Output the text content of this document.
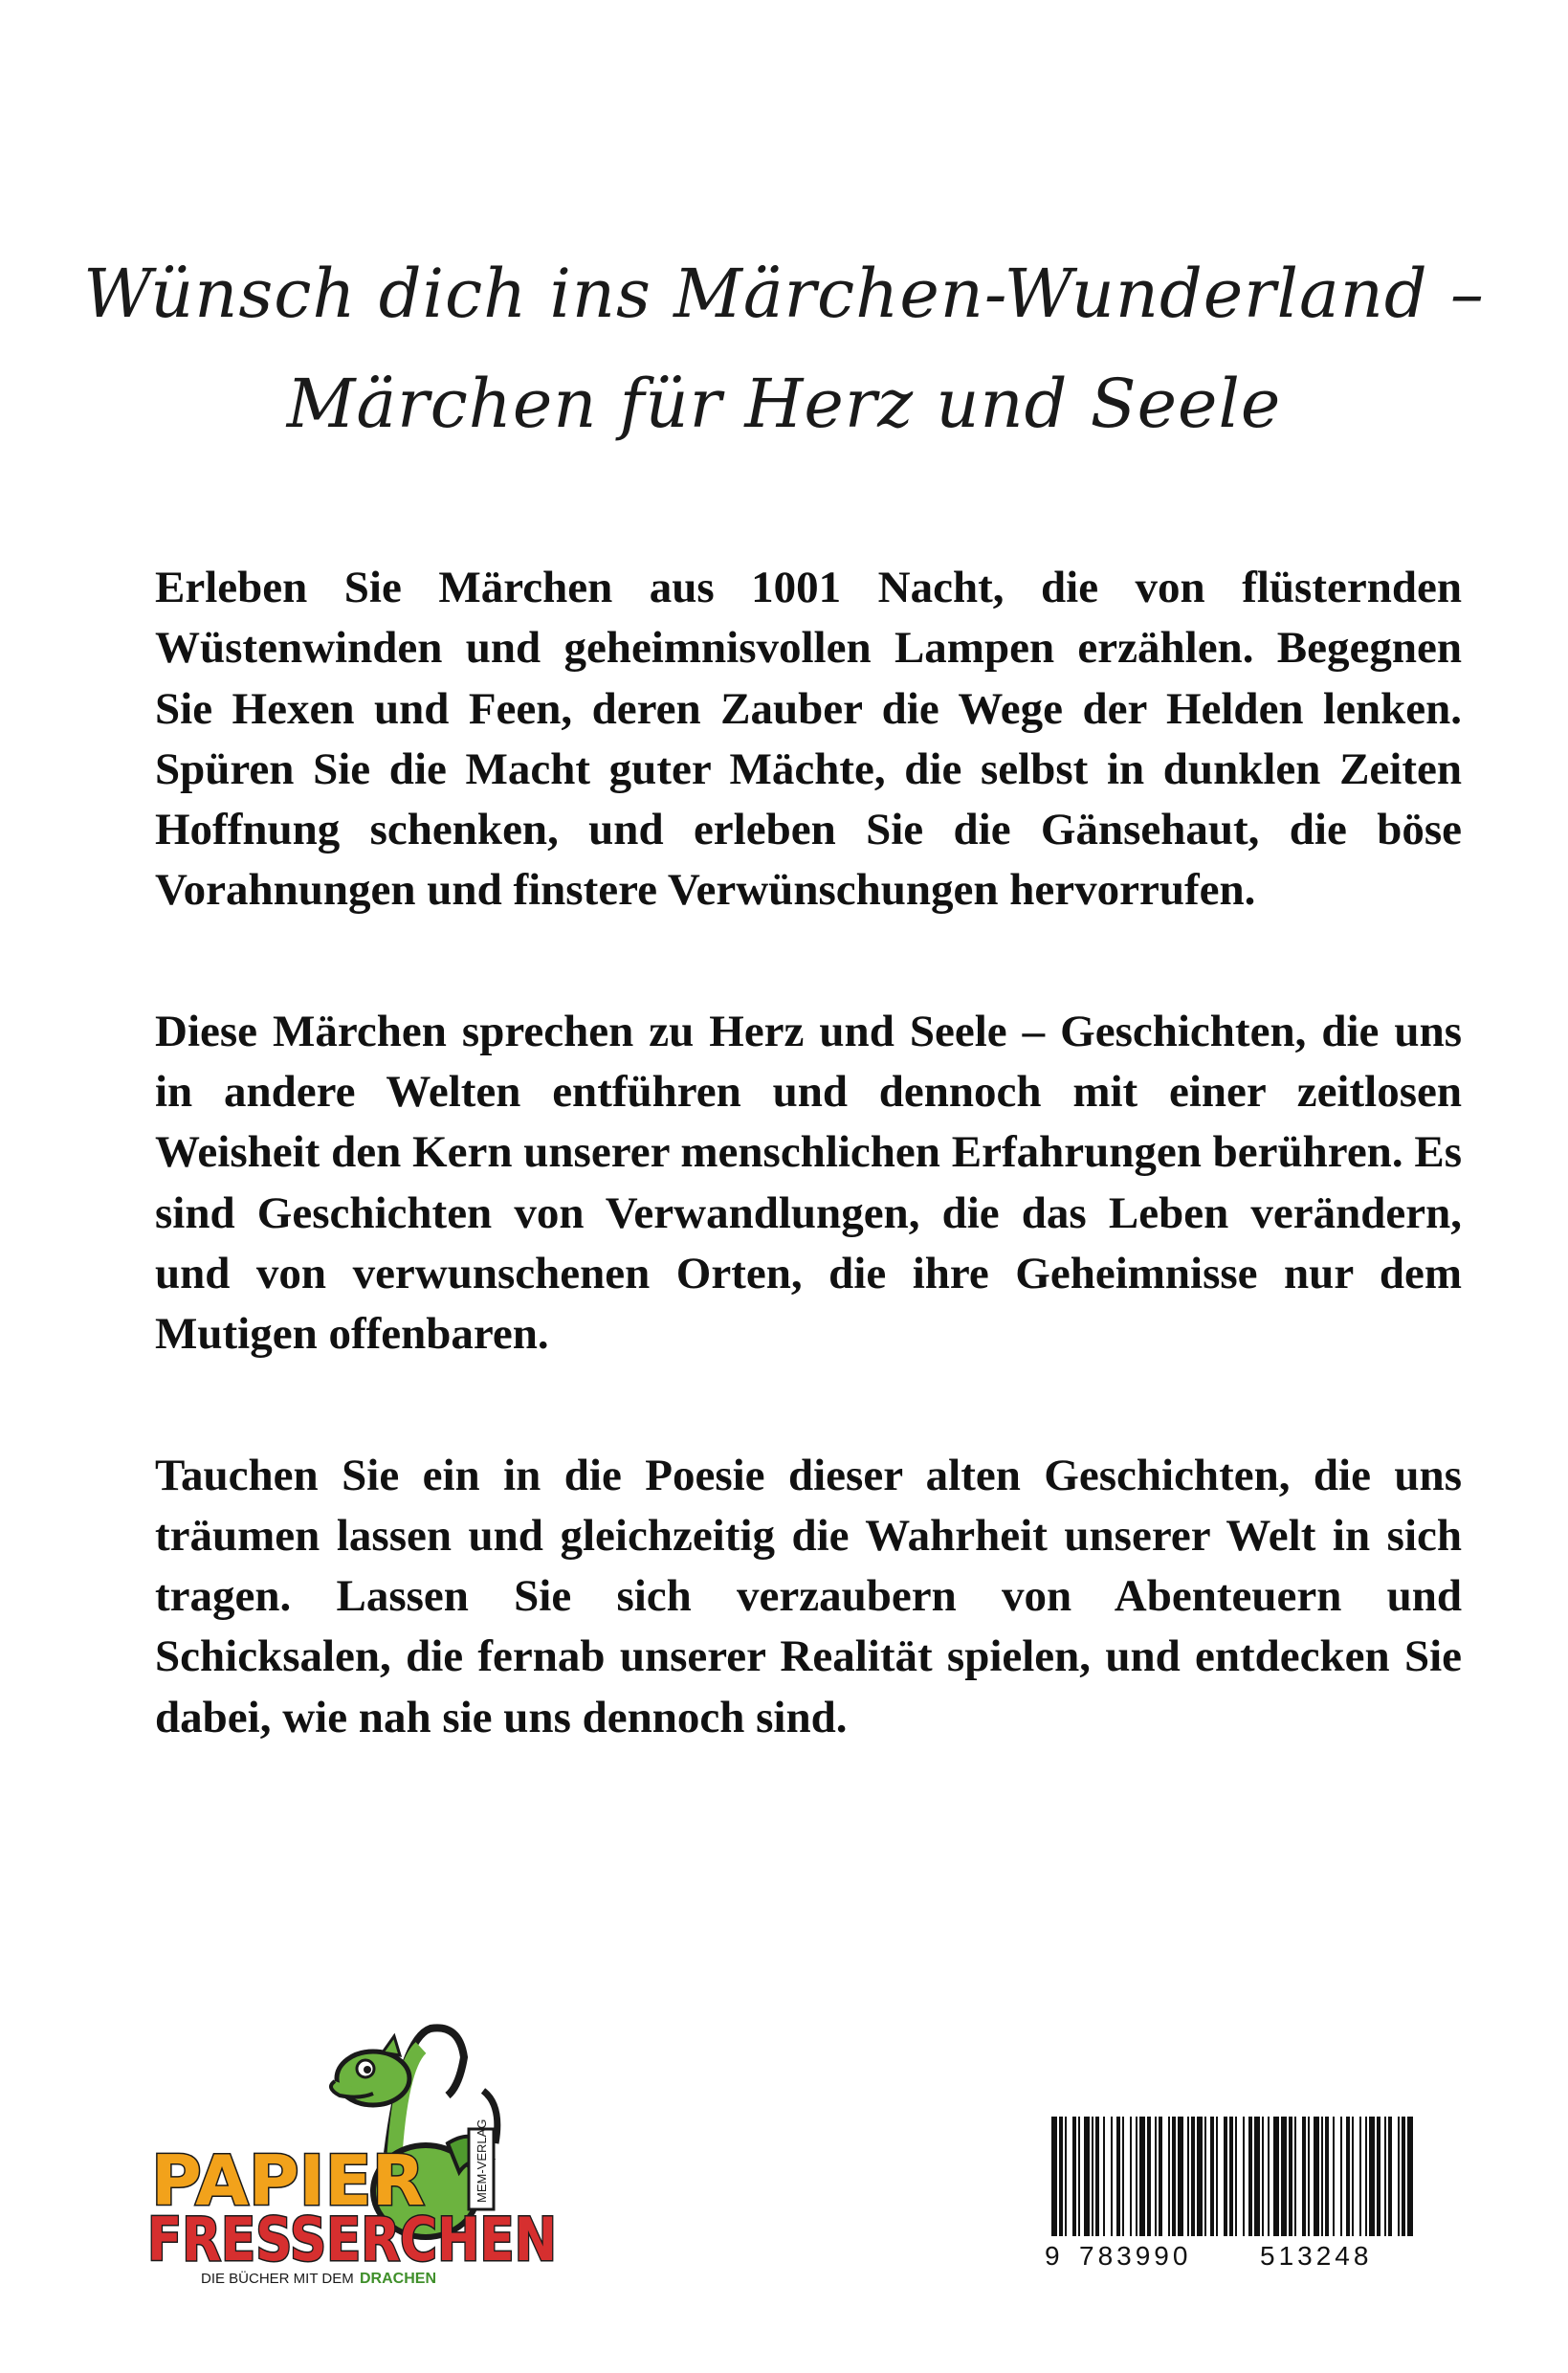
Wünsch dich ins Märchen-Wunderland –
Märchen für Herz und Seele

Erleben Sie Märchen aus 1001 Nacht, die von flüsternden Wüstenwinden und geheimnisvollen Lampen erzählen. Begegnen Sie Hexen und Feen, deren Zauber die Wege der Helden lenken. Spüren Sie die Macht guter Mächte, die selbst in dunklen Zeiten Hoffnung schenken, und erleben Sie die Gänsehaut, die böse Vorahnungen und finstere Verwünschungen hervorrufen.

Diese Märchen sprechen zu Herz und Seele – Geschichten, die uns in andere Welten entführen und dennoch mit einer zeitlosen Weisheit den Kern unserer menschlichen Erfahrungen berühren. Es sind Geschichten von Verwandlungen, die das Leben verändern, und von verwunschenen Orten, die ihre Geheimnisse nur dem Mutigen offenbaren.

Tauchen Sie ein in die Poesie dieser alten Geschichten, die uns träumen lassen und gleichzeitig die Wahrheit unserer Welt in sich tragen. Lassen Sie sich verzaubern von Abenteuern und Schicksalen, die fernab unserer Realität spielen, und entdecken Sie dabei, wie nah sie uns dennoch sind.

MEM-VERLAG
PAPIER
FRESSERCHEN
DIE BÜCHER MIT DEM DRACHEN
9 783990	513248
